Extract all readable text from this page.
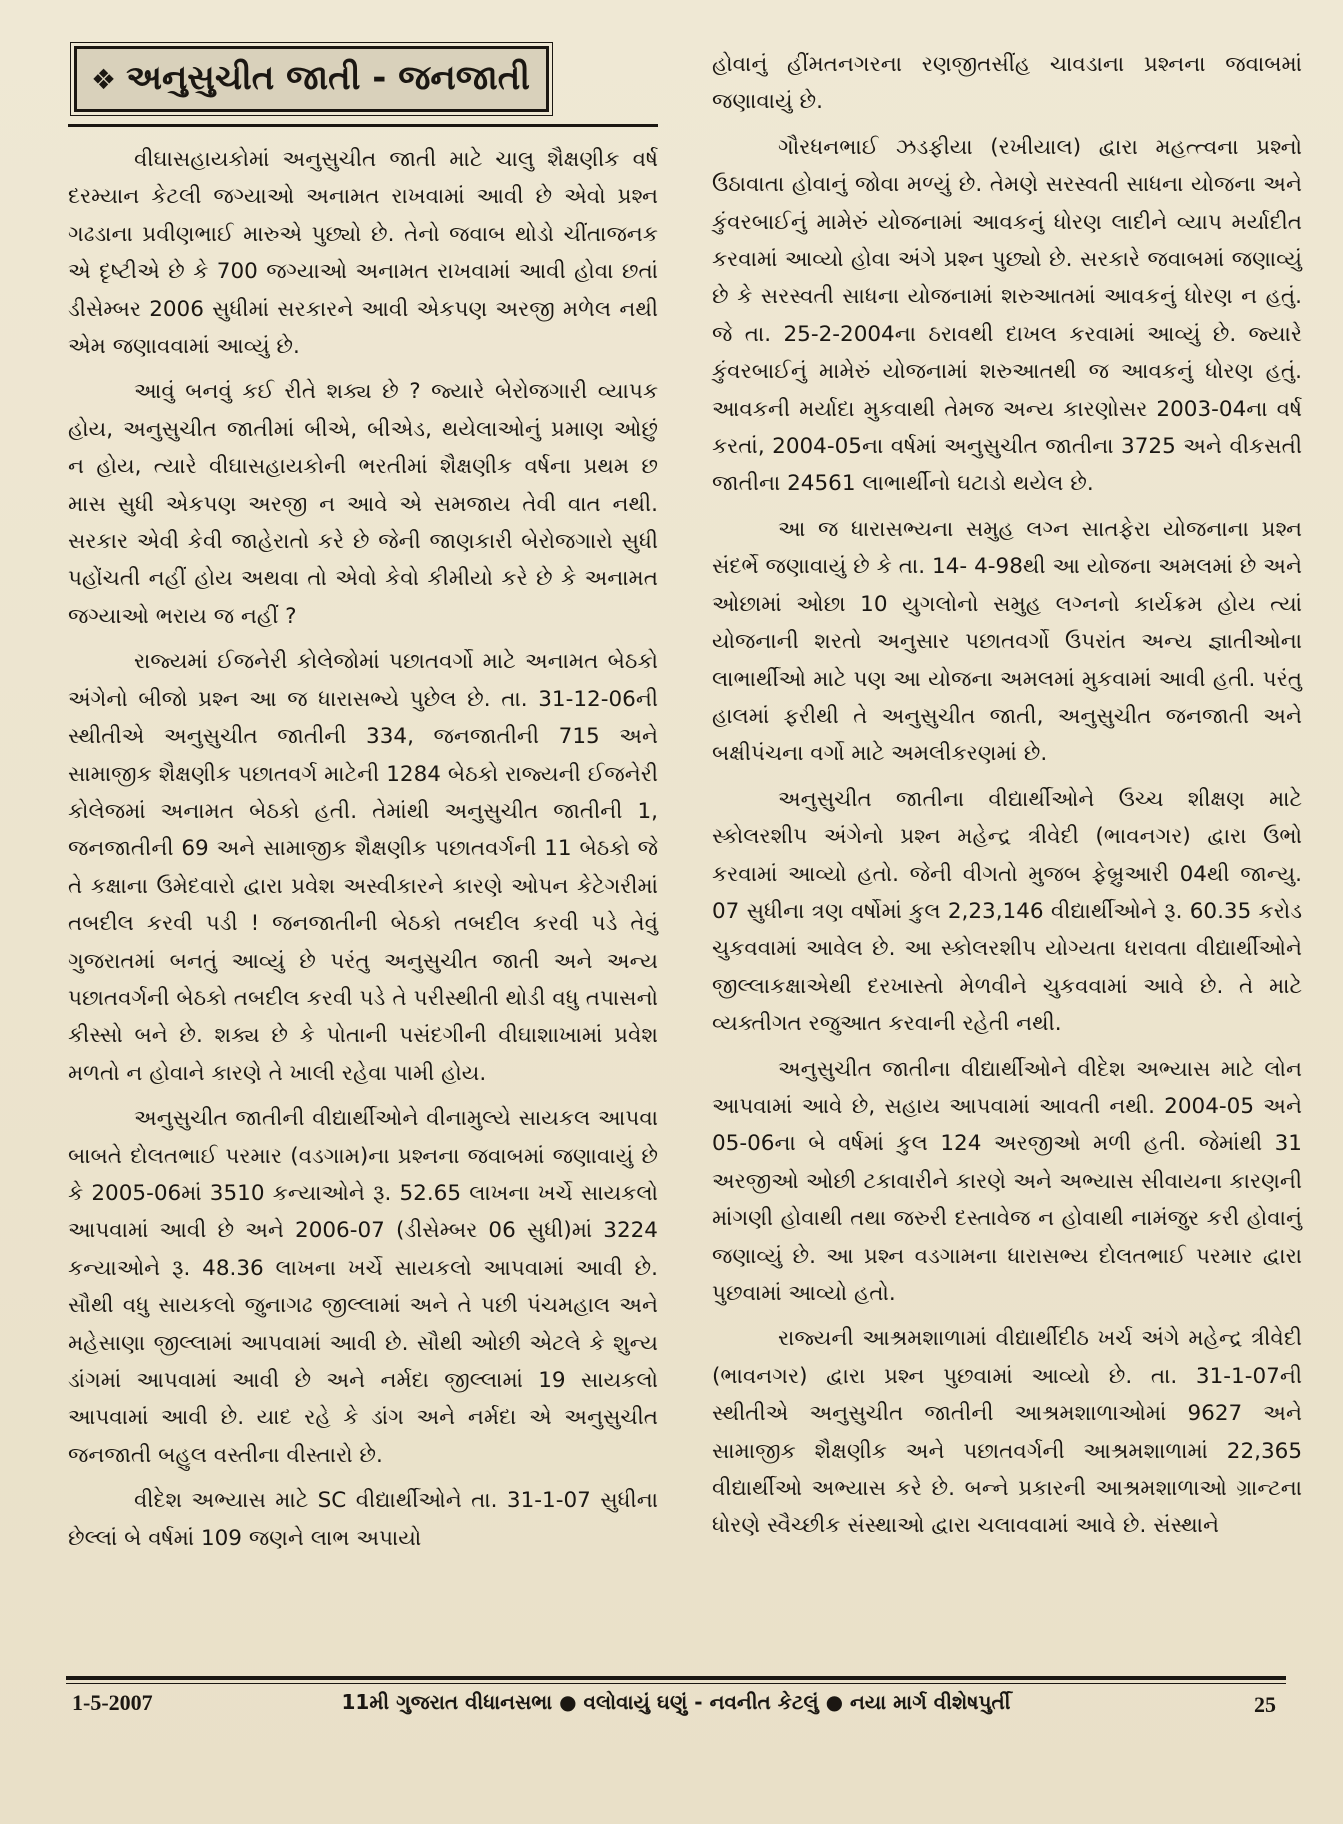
❖ અનુસુચીત જાતી - જનજાતી

વીઘાસહાયકોમાં અનુસુચીત જાતી માટે ચાલુ શૈક્ષણીક વર્ષ દરમ્યાન કેટલી જગ્યાઓ અનામત રાખવામાં આવી છે એવો પ્રશ્ન ગઢડાના પ્રવીણભાઈ મારુએ પુછ્યો છે. તેનો જવાબ થોડો ચીંતાજનક એ દૃષ્ટીએ છે કે 700 જગ્યાઓ અનામત રાખવામાં આવી હોવા છતાં ડીસેમ્બર 2006 સુધીમાં સરકારને આવી એકપણ અરજી મળેલ નથી એમ જણાવવામાં આવ્યું છે.

આવું બનવું કઈ રીતે શક્ય છે ? જ્યારે બેરોજગારી વ્યાપક હોય, અનુસુચીત જાતીમાં બીએ, બીએડ, થયેલાઓનું પ્રમાણ ઓછું ન હોય, ત્યારે વીઘાસહાયકોની ભરતીમાં શૈક્ષણીક વર્ષના પ્રથમ છ માસ સુધી એકપણ અરજી ન આવે એ સમજાય તેવી વાત નથી. સરકાર એવી કેવી જાહેરાતો કરે છે જેની જાણકારી બેરોજગારો સુધી પહોંચતી નહીં હોય અથવા તો એવો કેવો કીમીયો કરે છે કે અનામત જગ્યાઓ ભરાય જ નહીં ?

રાજ્યમાં ઈજનેરી કોલેજોમાં પછાતવર્ગો માટે અનામત બેઠકો અંગેનો બીજો પ્રશ્ન આ જ ધારાસભ્યે પુછેલ છે. તા. 31-12-06ની સ્થીતીએ અનુસુચીત જાતીની 334, જનજાતીની 715 અને સામાજીક શૈક્ષણીક પછાતવર્ગ માટેની 1284 બેઠકો રાજ્યની ઈજનેરી કોલેજમાં અનામત બેઠકો હતી. તેમાંથી અનુસુચીત જાતીની 1, જનજાતીની 69 અને સામાજીક શૈક્ષણીક પછાતવર્ગની 11 બેઠકો જે તે કક્ષાના ઉમેદવારો દ્વારા પ્રવેશ અસ્વીકારને કારણે ઓપન કેટેગરીમાં તબદીલ કરવી પડી ! જનજાતીની બેઠકો તબદીલ કરવી પડે તેવું ગુજરાતમાં બનતું આવ્યું છે પરંતુ અનુસુચીત જાતી અને અન્ય પછાતવર્ગની બેઠકો તબદીલ કરવી પડે તે પરીસ્થીતી થોડી વધુ તપાસનો કીસ્સો બને છે. શક્ય છે કે પોતાની પસંદગીની વીઘાશાખામાં પ્રવેશ મળતો ન હોવાને કારણે તે ખાલી રહેવા પામી હોય.

અનુસુચીત જાતીની વીદ્યાર્થીઓને વીનામુલ્યે સાયકલ આપવા બાબતે દોલતભાઈ પરમાર (વડગામ)ના પ્રશ્નના જવાબમાં જણાવાયું છે કે 2005-06માં 3510 કન્યાઓને રૂ. 52.65 લાખના ખર્ચે સાયકલો આપવામાં આવી છે અને 2006-07 (ડીસેમ્બર 06 સુધી)માં 3224 કન્યાઓને રૂ. 48.36 લાખના ખર્ચે સાયકલો આપવામાં આવી છે. સૌથી વધુ સાયકલો જુનાગઢ જીલ્લામાં અને તે પછી પંચમહાલ અને મહેસાણા જીલ્લામાં આપવામાં આવી છે. સૌથી ઓછી એટલે કે શુન્ય ડાંગમાં આપવામાં આવી છે અને નર્મદા જીલ્લામાં 19 સાયકલો આપવામાં આવી છે. યાદ રહે કે ડાંગ અને નર્મદા એ અનુસુચીત જનજાતી બહુલ વસ્તીના વીસ્તારો છે.

વીદેશ અભ્યાસ માટે SC વીદ્યાર્થીઓને તા. 31-1-07 સુધીના છેલ્લાં બે વર્ષમાં 109 જણને લાભ અપાયો

હોવાનું હીંમતનગરના રણજીતસીંહ ચાવડાના પ્રશ્નના જવાબમાં જણાવાયું છે.

ગૌરધનભાઈ ઝડફીયા (રખીયાલ) દ્વારા મહત્ત્વના પ્રશ્નો ઉઠાવાતા હોવાનું જોવા મળ્યું છે. તેમણે સરસ્વતી સાધના યોજના અને કુંવરબાઈનું મામેરું યોજનામાં આવકનું ધોરણ લાદીને વ્યાપ મર્યાદીત કરવામાં આવ્યો હોવા અંગે પ્રશ્ન પુછ્યો છે. સરકારે જવાબમાં જણાવ્યું છે કે સરસ્વતી સાધના યોજનામાં શરુઆતમાં આવકનું ધોરણ ન હતું. જે તા. 25-2-2004ના ઠરાવથી દાખલ કરવામાં આવ્યું છે. જ્યારે કુંવરબાઈનું મામેરું યોજનામાં શરુઆતથી જ આવકનું ધોરણ હતું. આવકની મર્યાદા મુકવાથી તેમજ અન્ય કારણોસર 2003-04ના વર્ષ કરતાં, 2004-05ના વર્ષમાં અનુસુચીત જાતીના 3725 અને વીકસતી જાતીના 24561 લાભાર્થીનો ઘટાડો થયેલ છે.

આ જ ધારાસભ્યના સમુહ લગ્ન સાતફેરા યોજનાના પ્રશ્ન સંદર્ભે જણાવાયું છે કે તા. 14- 4-98થી આ યોજના અમલમાં છે અને ઓછામાં ઓછા 10 યુગલોનો સમુહ લગ્નનો કાર્યક્રમ હોય ત્યાં યોજનાની શરતો અનુસાર પછાતવર્ગો ઉપરાંત અન્ય જ્ઞાતીઓના લાભાર્થીઓ માટે પણ આ યોજના અમલમાં મુકવામાં આવી હતી. પરંતુ હાલમાં ફરીથી તે અનુસુચીત જાતી, અનુસુચીત જનજાતી અને બક્ષીપંચના વર્ગો માટે અમલીકરણમાં છે.

અનુસુચીત જાતીના વીદ્યાર્થીઓને ઉચ્ચ શીક્ષણ માટે સ્કોલરશીપ અંગેનો પ્રશ્ન મહેન્દ્ર ત્રીવેદી (ભાવનગર) દ્વારા ઉભો કરવામાં આવ્યો હતો. જેની વીગતો મુજબ ફેબ્રુઆરી 04થી જાન્યુ. 07 સુધીના ત્રણ વર્ષોમાં કુલ 2,23,146 વીદ્યાર્થીઓને રૂ. 60.35 કરોડ ચુકવવામાં આવેલ છે. આ સ્કોલરશીપ યોગ્યતા ધરાવતા વીદ્યાર્થીઓને જીલ્લાકક્ષાએથી દરખાસ્તો મેળવીને ચુકવવામાં આવે છે. તે માટે વ્યક્તીગત રજુઆત કરવાની રહેતી નથી.

અનુસુચીત જાતીના વીદ્યાર્થીઓને વીદેશ અભ્યાસ માટે લોન આપવામાં આવે છે, સહાય આપવામાં આવતી નથી. 2004-05 અને 05-06ના બે વર્ષમાં કુલ 124 અરજીઓ મળી હતી. જેમાંથી 31 અરજીઓ ઓછી ટકાવારીને કારણે અને અભ્યાસ સીવાયના કારણની માંગણી હોવાથી તથા જરુરી દસ્તાવેજ ન હોવાથી નામંજુર કરી હોવાનું જણાવ્યું છે. આ પ્રશ્ન વડગામના ધારાસભ્ય દોલતભાઈ પરમાર દ્વારા પુછવામાં આવ્યો હતો.

રાજ્યની આશ્રમશાળામાં વીદ્યાર્થીદીઠ ખર્ચ અંગે મહેન્દ્ર ત્રીવેદી (ભાવનગર) દ્વારા પ્રશ્ન પુછવામાં આવ્યો છે. તા. 31-1-07ની સ્થીતીએ અનુસુચીત જાતીની આશ્રમશાળાઓમાં 9627 અને સામાજીક શૈક્ષણીક અને પછાતવર્ગની આશ્રમશાળામાં 22,365 વીદ્યાર્થીઓ અભ્યાસ કરે છે. બન્ને પ્રકારની આશ્રમશાળાઓ ગ્રાન્ટના ધોરણે સ્વૈચ્છીક સંસ્થાઓ દ્વારા ચલાવવામાં આવે છે. સંસ્થાને

1-5-2007	11મી ગુજરાત વીધાનસભા ● વલોવાયું ઘણું - નવનીત કેટલું ● નયા માર્ગ વીશેષપુર્તી	25
